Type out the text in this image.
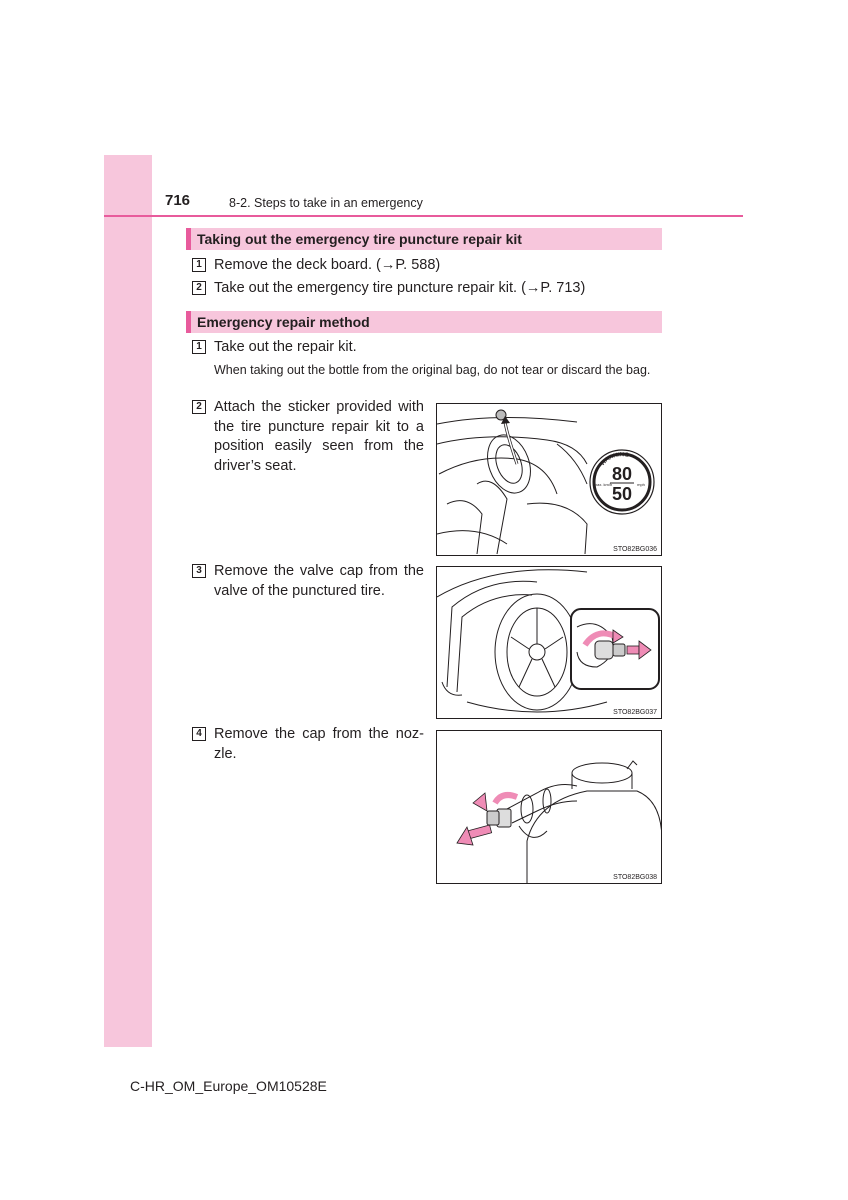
716	8-2. Steps to take in an emergency
Taking out the emergency tire puncture repair kit
1 Remove the deck board. (→P. 588)
2 Take out the emergency tire puncture repair kit. (→P. 713)
Emergency repair method
1 Take out the repair kit.
When taking out the bottle from the original bag, do not tear or discard the bag.
2 Attach the sticker provided with the tire puncture repair kit to a position easily seen from the driver’s seat.	WARNING
80
50
max. km/h	mph
STO82BG036
3 Remove the valve cap from the valve of the punctured tire.
STO82BG037
4 Remove the cap from the noz-zle.
STO82BG038
C-HR_OM_Europe_OM10528E
